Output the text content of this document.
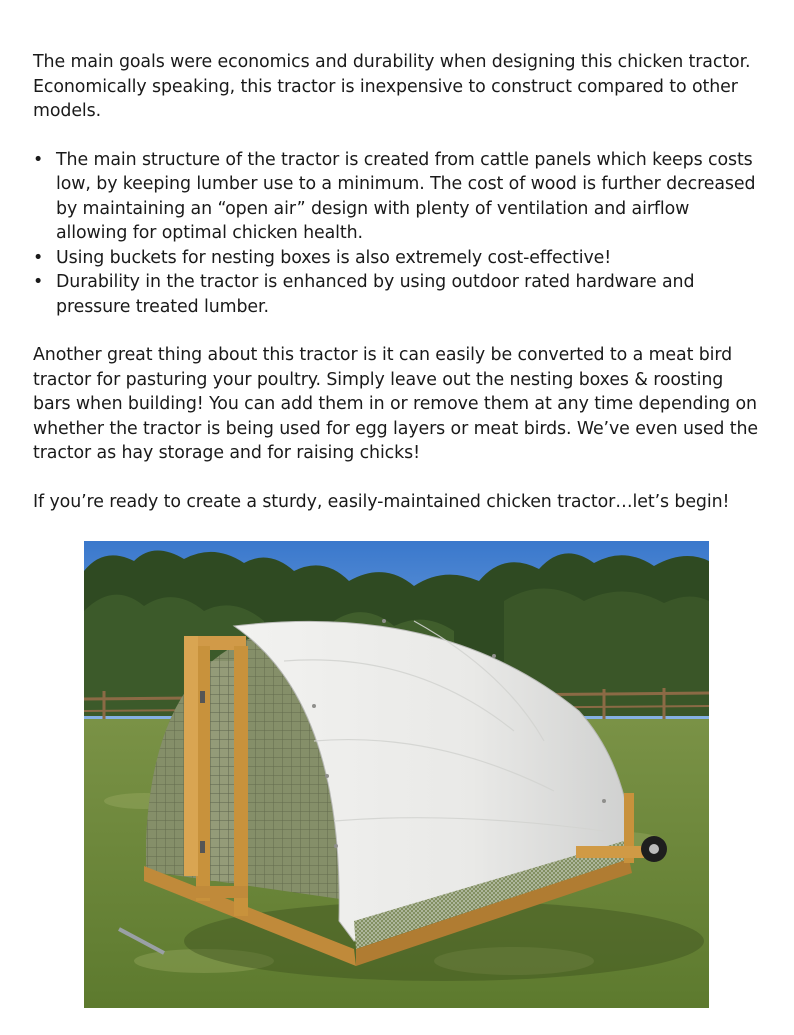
The main goals were economics and durability when designing this chicken tractor. Economically speaking, this tractor is inexpensive to construct compared to other models.

• The main structure of the tractor is created from cattle panels which keeps costs low, by keeping lumber use to a minimum. The cost of wood is further decreased by maintaining an “open air” design with plenty of ventilation and airflow allowing for optimal chicken health.
• Using buckets for nesting boxes is also extremely cost-effective!
• Durability in the tractor is enhanced by using outdoor rated hardware and pressure treated lumber.

Another great thing about this tractor is it can easily be converted to a meat bird tractor for pasturing your poultry. Simply leave out the nesting boxes & roosting bars when building! You can add them in or remove them at any time depending on whether the tractor is being used for egg layers or meat birds. We’ve even used the tractor as hay storage and for raising chicks!

If you’re ready to create a sturdy, easily-maintained chicken tractor…let’s begin!
